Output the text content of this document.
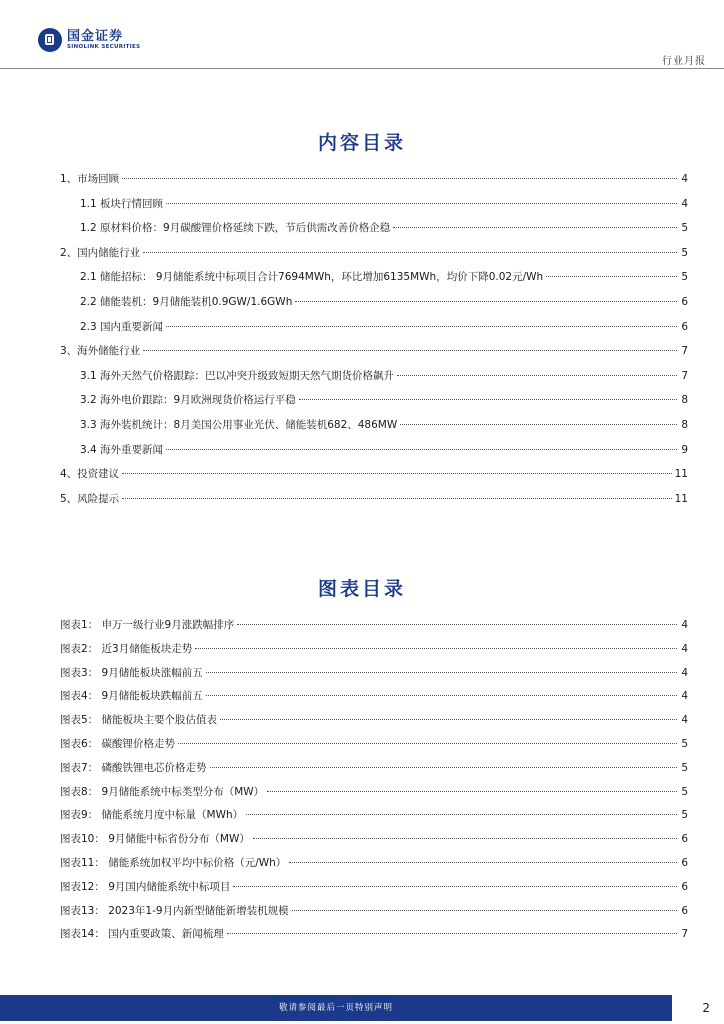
国金证券
SINOLINK SECURITIES
行业月报
内容目录
1、市场回顾	4
1.1 板块行情回顾	4
1.2 原材料价格：9月碳酸锂价格延续下跌，节后供需改善价格企稳	5
2、国内储能行业	5
2.1 储能招标： 9月储能系统中标项目合计7694MWh，环比增加6135MWh，均价下降0.02元/Wh	5
2.2 储能装机：9月储能装机0.9GW/1.6GWh	6
2.3 国内重要新闻	6
3、海外储能行业	7
3.1 海外天然气价格跟踪：巴以冲突升级致短期天然气期货价格飙升	7
3.2 海外电价跟踪：9月欧洲现货价格运行平稳	8
3.3 海外装机统计：8月美国公用事业光伏、储能装机682、486MW	8
3.4 海外重要新闻	9
4、投资建议	11
5、风险提示	11
图表目录
图表1： 申万一级行业9月涨跌幅排序	4
图表2： 近3月储能板块走势	4
图表3： 9月储能板块涨幅前五	4
图表4： 9月储能板块跌幅前五	4
图表5： 储能板块主要个股估值表	4
图表6： 碳酸锂价格走势	5
图表7： 磷酸铁锂电芯价格走势	5
图表8： 9月储能系统中标类型分布（MW）	5
图表9： 储能系统月度中标量（MWh）	5
图表10： 9月储能中标省份分布（MW）	6
图表11： 储能系统加权平均中标价格（元/Wh）	6
图表12： 9月国内储能系统中标项目	6
图表13： 2023年1-9月内新型储能新增装机规模	6
图表14： 国内重要政策、新闻梳理	7
敬请参阅最后一页特别声明	2
